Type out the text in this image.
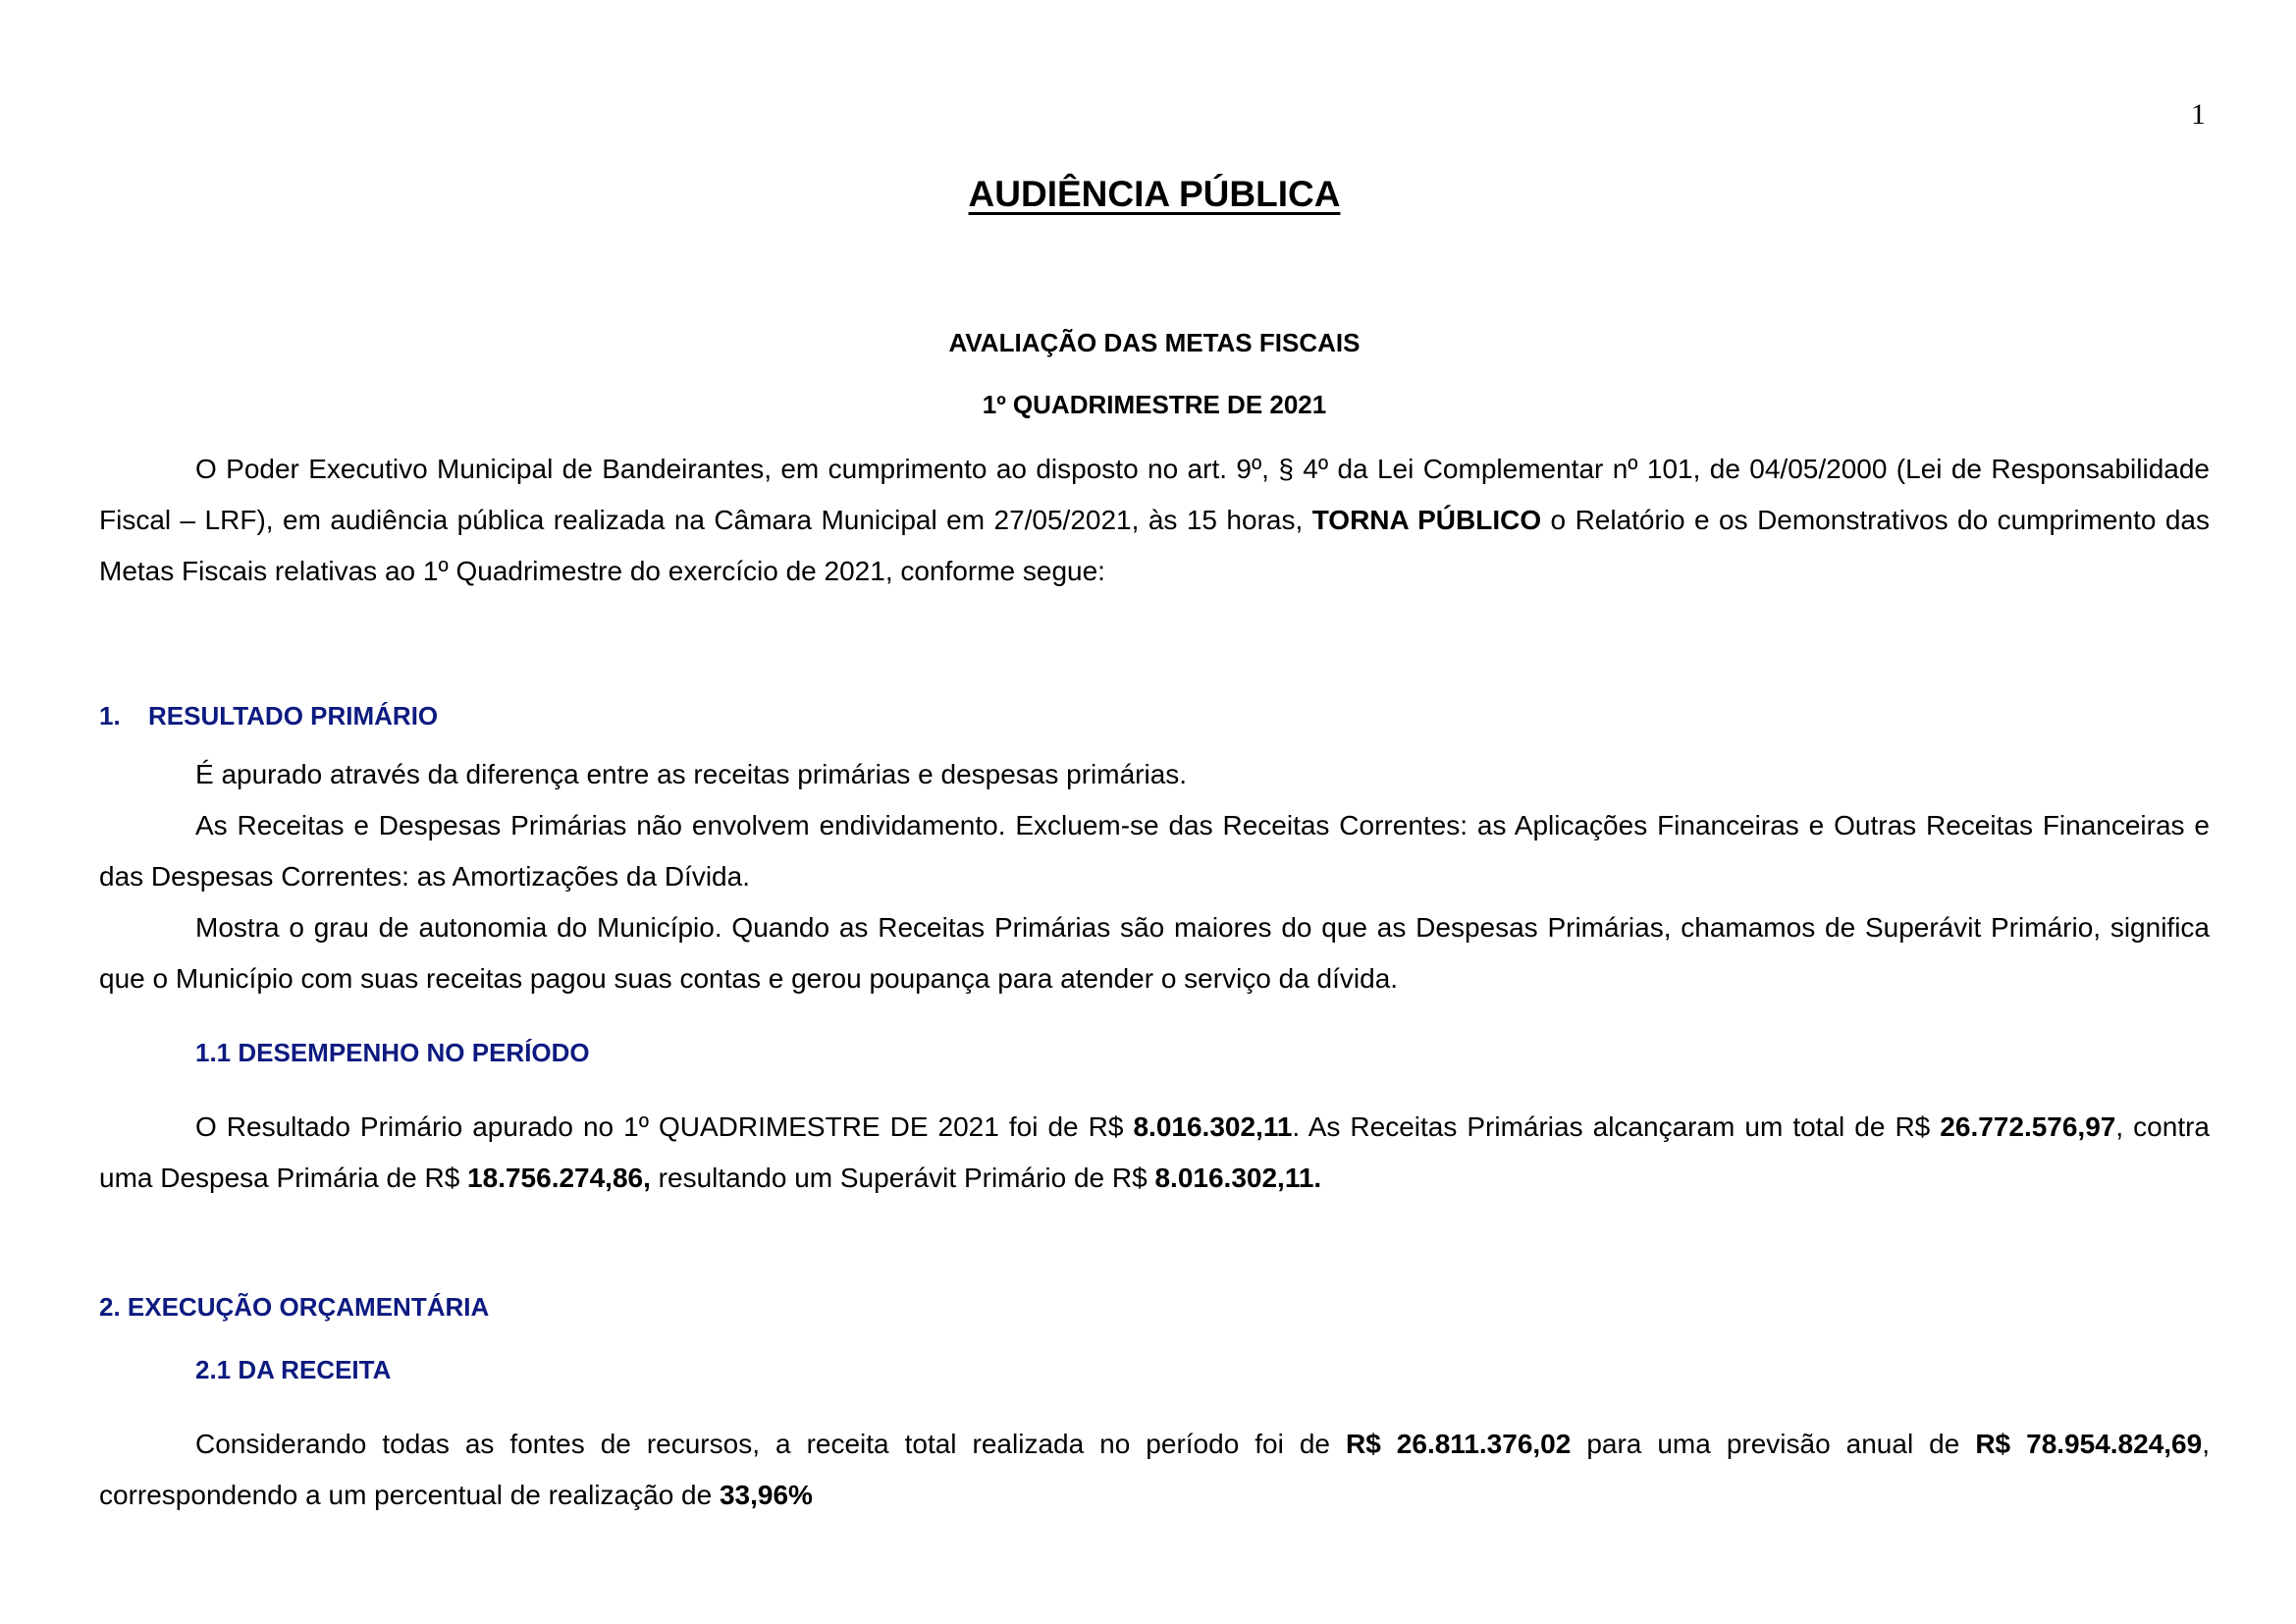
1
AUDIÊNCIA PÚBLICA

AVALIAÇÃO DAS METAS FISCAIS

1º QUADRIMESTRE DE 2021

O Poder Executivo Municipal de Bandeirantes, em cumprimento ao disposto no art. 9º, § 4º da Lei Complementar nº 101, de 04/05/2000 (Lei de Responsabilidade Fiscal – LRF), em audiência pública realizada na Câmara Municipal em 27/05/2021, às 15 horas, TORNA PÚBLICO o Relatório e os Demonstrativos do cumprimento das Metas Fiscais relativas ao 1º Quadrimestre do exercício de 2021, conforme segue:

1. RESULTADO PRIMÁRIO

É apurado através da diferença entre as receitas primárias e despesas primárias.

As Receitas e Despesas Primárias não envolvem endividamento. Excluem-se das Receitas Correntes: as Aplicações Financeiras e Outras Receitas Financeiras e das Despesas Correntes: as Amortizações da Dívida.

Mostra o grau de autonomia do Município. Quando as Receitas Primárias são maiores do que as Despesas Primárias, chamamos de Superávit Primário, significa que o Município com suas receitas pagou suas contas e gerou poupança para atender o serviço da dívida.

1.1 DESEMPENHO NO PERÍODO

O Resultado Primário apurado no 1º QUADRIMESTRE DE 2021 foi de R$ 8.016.302,11. As Receitas Primárias alcançaram um total de R$ 26.772.576,97, contra uma Despesa Primária de R$ 18.756.274,86, resultando um Superávit Primário de R$ 8.016.302,11.

2. EXECUÇÃO ORÇAMENTÁRIA

2.1 DA RECEITA

Considerando todas as fontes de recursos, a receita total realizada no período foi de R$ 26.811.376,02 para uma previsão anual de R$ 78.954.824,69, correspondendo a um percentual de realização de 33,96%
